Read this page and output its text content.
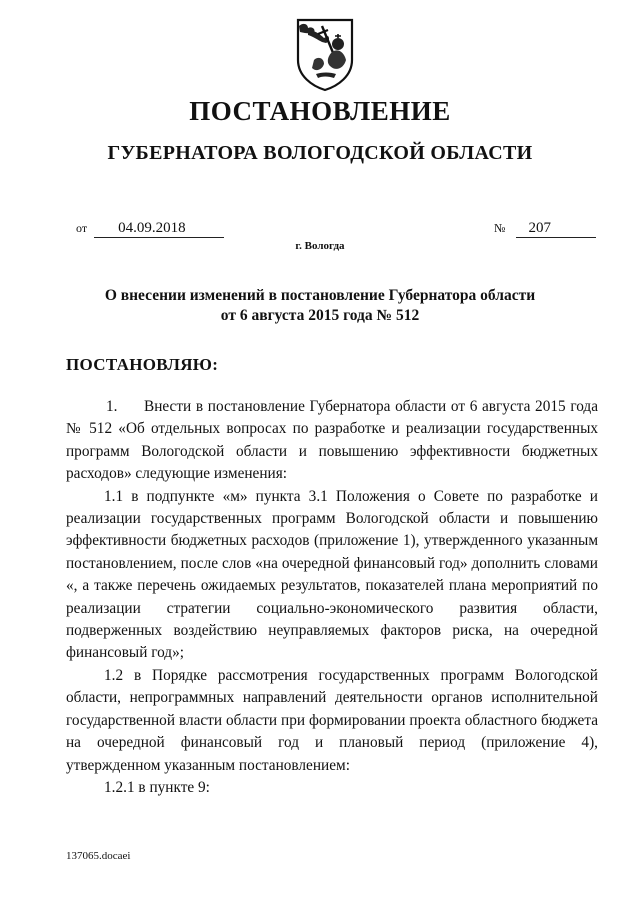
ПОСТАНОВЛЕНИЕ
ГУБЕРНАТОРА ВОЛОГОДСКОЙ ОБЛАСТИ
от 04.09.2018	№ 207
г. Вологда
О внесении изменений в постановление Губернатора области
от 6 августа 2015 года № 512
ПОСТАНОВЛЯЮ:

1. Внести в постановление Губернатора области от 6 августа 2015 года № 512 «Об отдельных вопросах по разработке и реализации государственных программ Вологодской области и повышению эффективности бюджетных расходов» следующие изменения:

1.1 в подпункте «м» пункта 3.1 Положения о Совете по разработке и реализации государственных программ Вологодской области и повышению эффективности бюджетных расходов (приложение 1), утвержденного указанным постановлением, после слов «на очередной финансовый год» дополнить словами «, а также перечень ожидаемых результатов, показателей плана мероприятий по реализации стратегии социально-экономического развития области, подверженных воздействию неуправляемых факторов риска, на очередной финансовый год»;

1.2 в Порядке рассмотрения государственных программ Вологодской области, непрограммных направлений деятельности органов исполнительной государственной власти области при формировании проекта областного бюджета на очередной финансовый год и плановый период (приложение 4), утвержденном указанным постановлением:

1.2.1 в пункте 9:

137065.docaei
